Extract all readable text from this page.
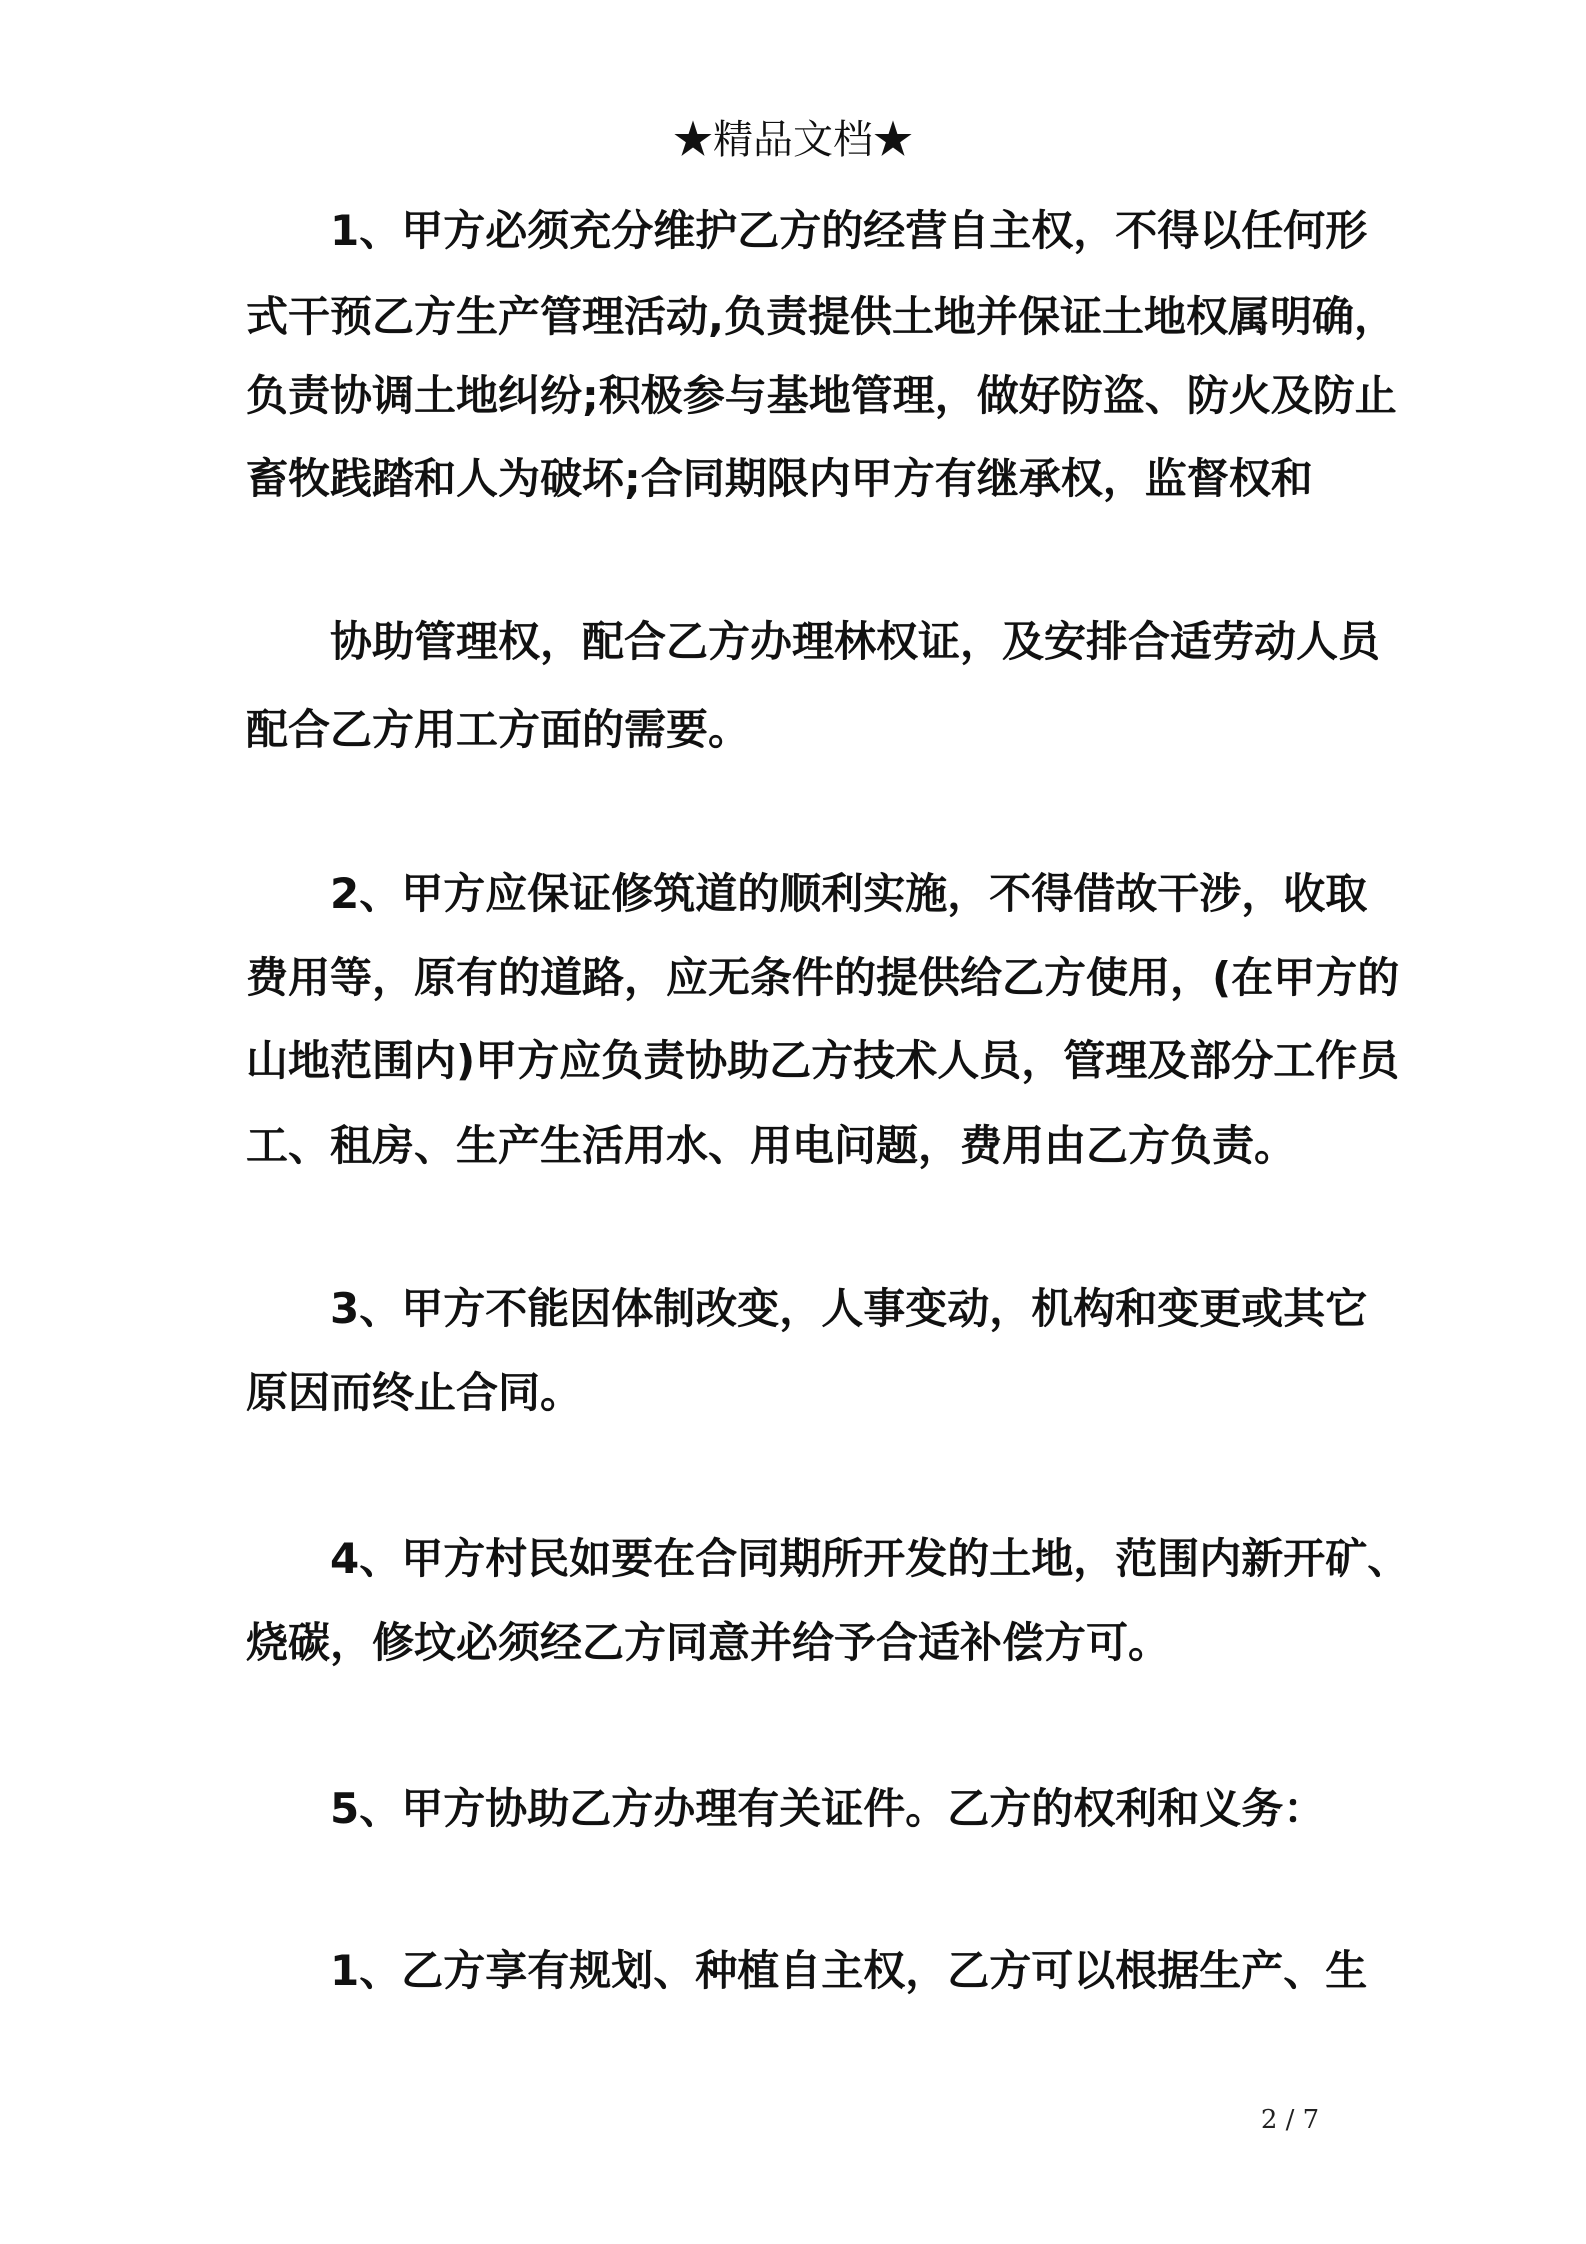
★精品文档★
1、甲方必须充分维护乙方的经营自主权，不得以任何形
式干预乙方生产管理活动,负责提供土地并保证土地权属明确，
负责协调土地纠纷;积极参与基地管理，做好防盗、防火及防止
畜牧践踏和人为破坏;合同期限内甲方有继承权，监督权和
协助管理权，配合乙方办理林权证，及安排合适劳动人员
配合乙方用工方面的需要。
2、甲方应保证修筑道的顺利实施，不得借故干涉，收取
费用等，原有的道路，应无条件的提供给乙方使用，(在甲方的
山地范围内)甲方应负责协助乙方技术人员，管理及部分工作员
工、租房、生产生活用水、用电问题，费用由乙方负责。
3、甲方不能因体制改变，人事变动，机构和变更或其它
原因而终止合同。
4、甲方村民如要在合同期所开发的土地，范围内新开矿、
烧碳，修坟必须经乙方同意并给予合适补偿方可。
5、甲方协助乙方办理有关证件。乙方的权利和义务：
1、乙方享有规划、种植自主权，乙方可以根据生产、生
2 / 7
